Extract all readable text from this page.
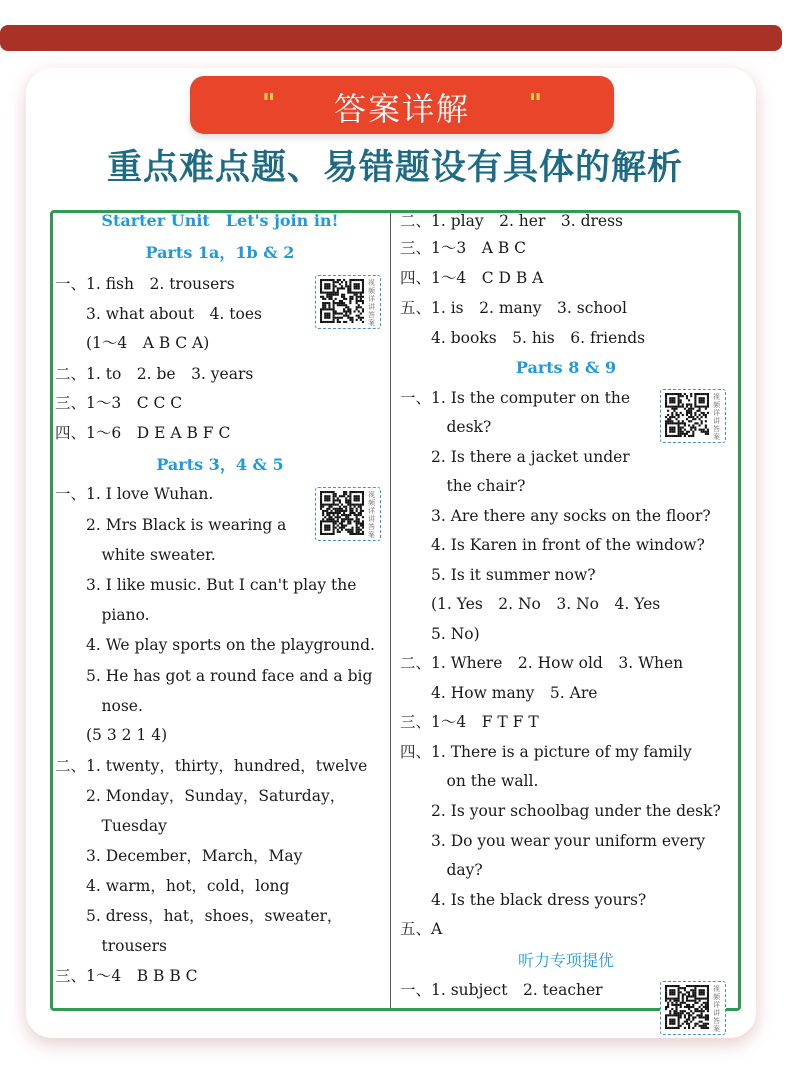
"	答案详解	"
重点难点题、易错题设有具体的解析
Starter Unit　Let's join in!
Parts 1a，1b & 2
一、1. fish　2. trousers
　　3. what about　4. toes
　　(1～4　A B C A)
二、1. to　2. be　3. years
三、1～3　C C C
四、1～6　D E A B F C
Parts 3，4 & 5
一、1. I love Wuhan.
　　2. Mrs Black is wearing a
　　　white sweater.
　　3. I like music. But I can't play the
　　　piano.
　　4. We play sports on the playground.
　　5. He has got a round face and a big
　　　nose.
　　(5 3 2 1 4)
二、1. twenty，thirty，hundred，twelve
　　2. Monday，Sunday，Saturday，
　　　Tuesday
　　3. December，March，May
　　4. warm，hot，cold，long
　　5. dress，hat，shoes，sweater，
　　　trousers
三、1～4　B B B C
视频详讲答案
视频详讲答案
二、1. play　2. her　3. dress
三、1～3　A B C
四、1～4　C D B A
五、1. is　2. many　3. school
　　4. books　5. his　6. friends
Parts 8 & 9
一、1. Is the computer on the
　　　desk?
　　2. Is there a jacket under
　　　the chair?
　　3. Are there any socks on the floor?
　　4. Is Karen in front of the window?
　　5. Is it summer now?
　　(1. Yes　2. No　3. No　4. Yes
　　5. No)
二、1. Where　2. How old　3. When
　　4. How many　5. Are
三、1～4　F T F T
四、1. There is a picture of my family
　　　on the wall.
　　2. Is your schoolbag under the desk?
　　3. Do you wear your uniform every
　　　day?
　　4. Is the black dress yours?
五、A
听力专项提优
一、1. subject　2. teacher
视频详讲答案
视频详讲答案
